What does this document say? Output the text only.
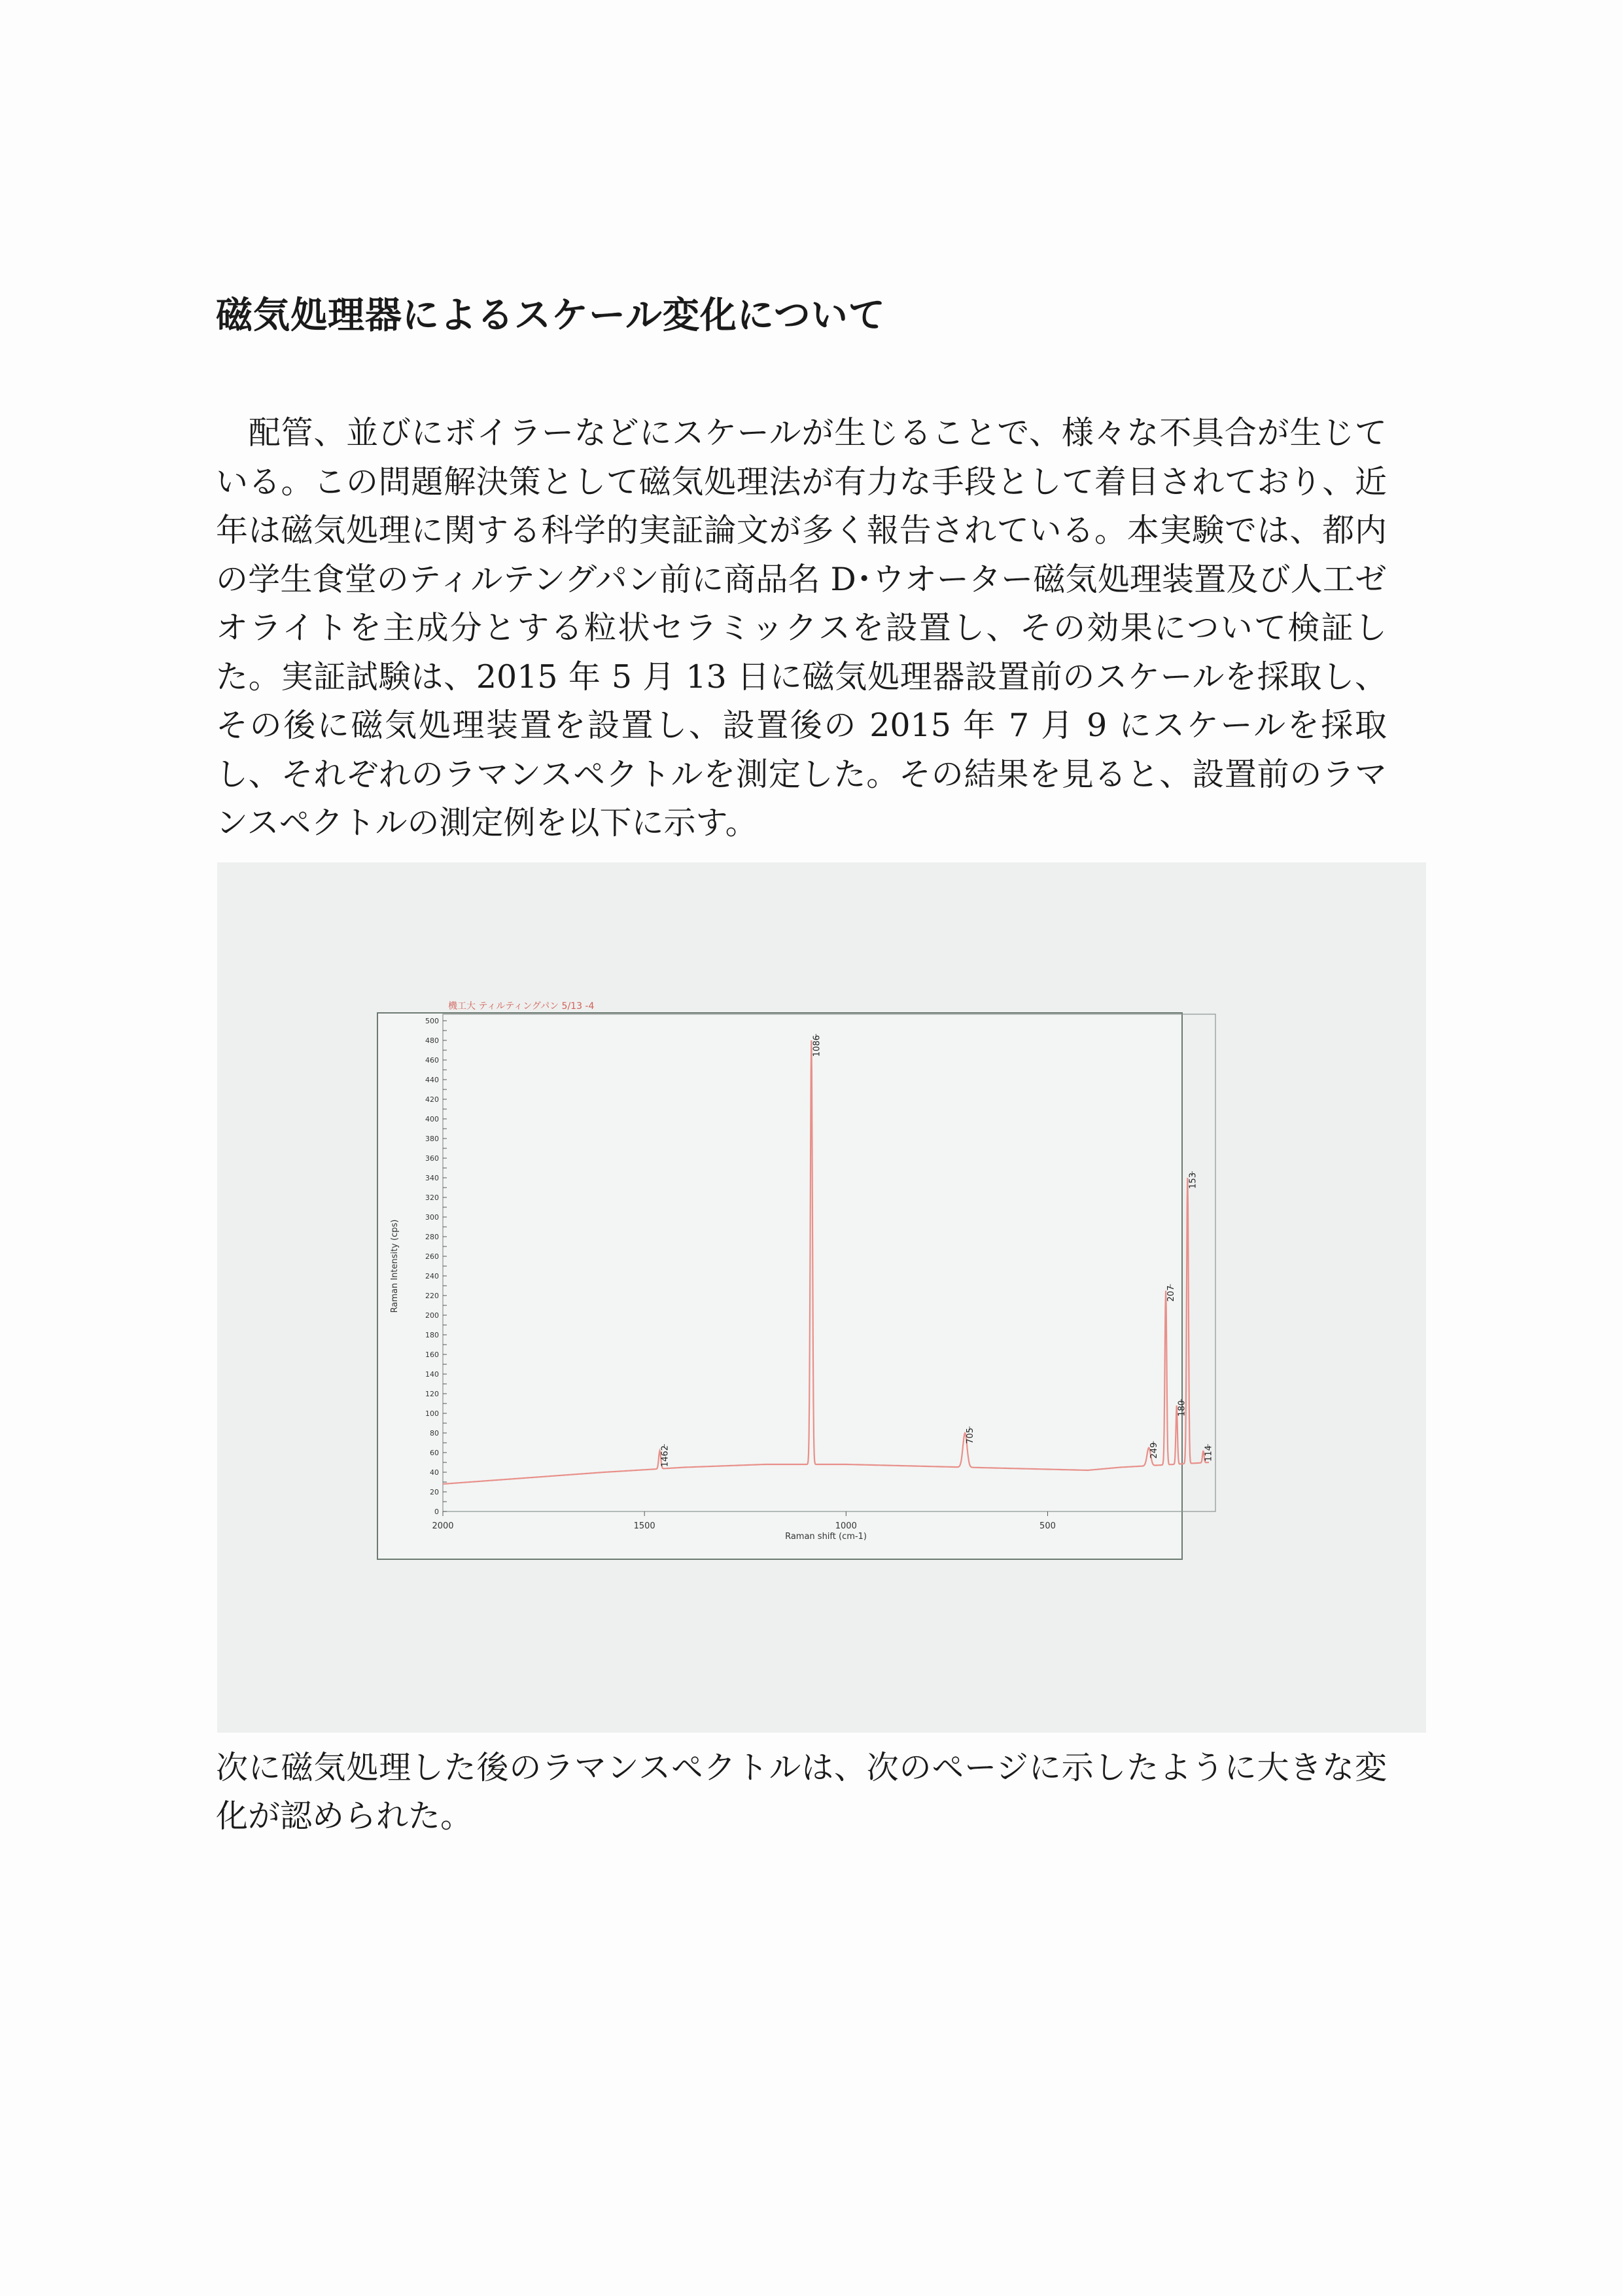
磁気処理器によるスケール変化について

配管、並びにボイラーなどにスケールが生じることで、様々な不具合が生じている。この問題解決策として磁気処理法が有力な手段として着目されており、近年は磁気処理に関する科学的実証論文が多く報告されている。本実験では、都内の学生食堂のティルテングパン前に商品名 D･ウオーター磁気処理装置及び人工ゼオライトを主成分とする粒状セラミックスを設置し、その効果について検証した。実証試験は、2015 年 5 月 13 日に磁気処理器設置前のスケールを採取し、その後に磁気処理装置を設置し、設置後の 2015 年 7 月 9 にスケールを採取し、それぞれのラマンスペクトルを測定した。その結果を見ると、設置前のラマンスペクトルの測定例を以下に示す。

0
20
40
60
80
100
120
140
160
180
200
220
240
260
280
300
320
340
360
380
400
420
440
460
480
500
2000	1500	1000	500
Raman shift (cm-1)
Raman Intensity (cps)
機工大 ティルティングパン 5/13 -4
1462
1086
705
249
207
180
153
114

次に磁気処理した後のラマンスペクトルは、次のページに示したように大きな変化が認められた。
